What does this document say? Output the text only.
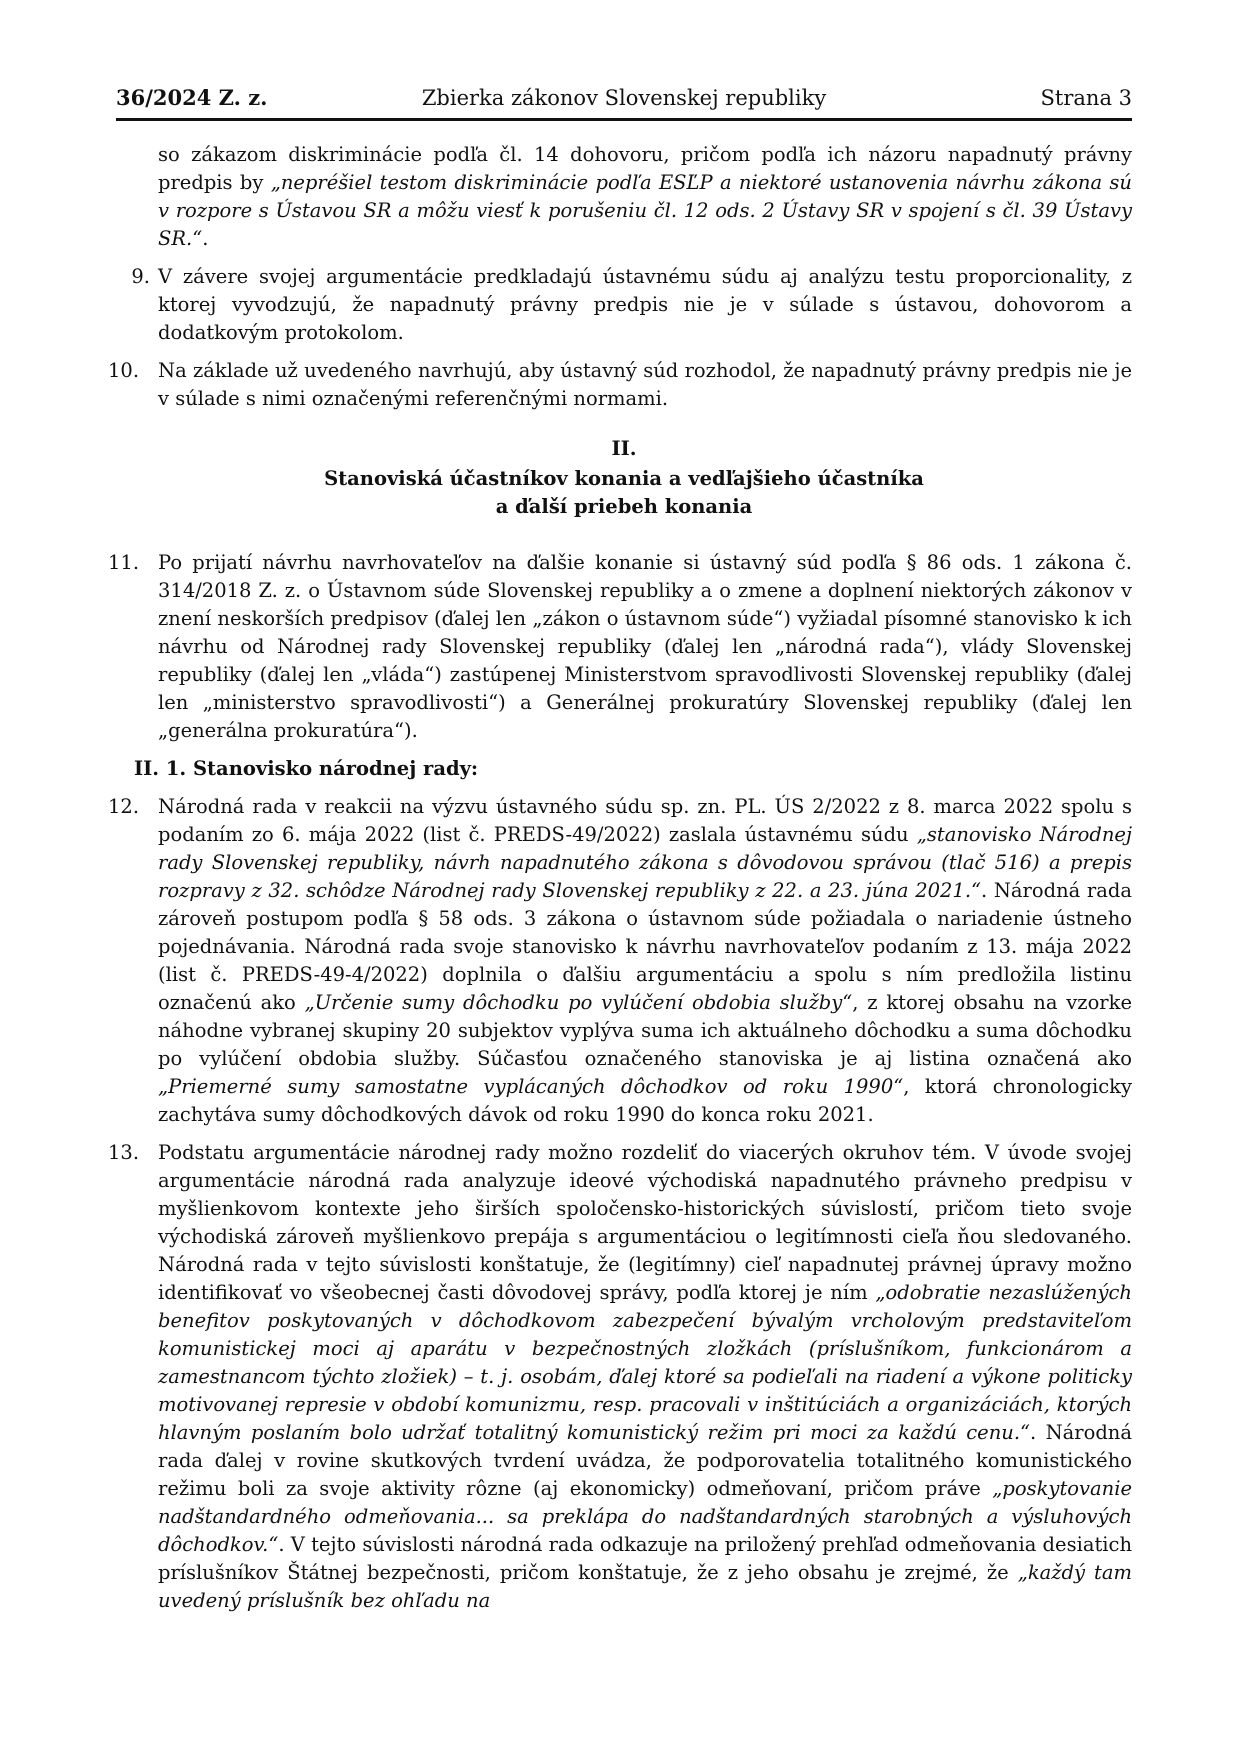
36/2024 Z. z.	Zbierka zákonov Slovenskej republiky	Strana 3

so zákazom diskriminácie podľa čl. 14 dohovoru, pričom podľa ich názoru napadnutý právny predpis by „nepréšiel testom diskriminácie podľa ESĽP a niektoré ustanovenia návrhu zákona sú v rozpore s Ústavou SR a môžu viesť k porušeniu čl. 12 ods. 2 Ústavy SR v spojení s čl. 39 Ústavy SR.“.

9. V závere svojej argumentácie predkladajú ústavnému súdu aj analýzu testu proporcionality, z ktorej vyvodzujú, že napadnutý právny predpis nie je v súlade s ústavou, dohovorom a dodatkovým protokolom.

10. Na základe už uvedeného navrhujú, aby ústavný súd rozhodol, že napadnutý právny predpis nie je v súlade s nimi označenými referenčnými normami.

II.

Stanoviská účastníkov konania a vedľajšieho účastníka

a ďalší priebeh konania

11. Po prijatí návrhu navrhovateľov na ďalšie konanie si ústavný súd podľa § 86 ods. 1 zákona č. 314/2018 Z. z. o Ústavnom súde Slovenskej republiky a o zmene a doplnení niektorých zákonov v znení neskorších predpisov (ďalej len „zákon o ústavnom súde“) vyžiadal písomné stanovisko k ich návrhu od Národnej rady Slovenskej republiky (ďalej len „národná rada“), vlády Slovenskej republiky (ďalej len „vláda“) zastúpenej Ministerstvom spravodlivosti Slovenskej republiky (ďalej len „ministerstvo spravodlivosti“) a Generálnej prokuratúry Slovenskej republiky (ďalej len „generálna prokuratúra“).

II. 1. Stanovisko národnej rady:

12. Národná rada v reakcii na výzvu ústavného súdu sp. zn. PL. ÚS 2/2022 z 8. marca 2022 spolu s podaním zo 6. mája 2022 (list č. PREDS-49/2022) zaslala ústavnému súdu „stanovisko Národnej rady Slovenskej republiky, návrh napadnutého zákona s dôvodovou správou (tlač 516) a prepis rozpravy z 32. schôdze Národnej rady Slovenskej republiky z 22. a 23. júna 2021.“. Národná rada zároveň postupom podľa § 58 ods. 3 zákona o ústavnom súde požiadala o nariadenie ústneho pojednávania. Národná rada svoje stanovisko k návrhu navrhovateľov podaním z 13. mája 2022 (list č. PREDS-49-4/2022) doplnila o ďalšiu argumentáciu a spolu s ním predložila listinu označenú ako „Určenie sumy dôchodku po vylúčení obdobia služby“, z ktorej obsahu na vzorke náhodne vybranej skupiny 20 subjektov vyplýva suma ich aktuálneho dôchodku a suma dôchodku po vylúčení obdobia služby. Súčasťou označeného stanoviska je aj listina označená ako „Priemerné sumy samostatne vyplácaných dôchodkov od roku 1990“, ktorá chronologicky zachytáva sumy dôchodkových dávok od roku 1990 do konca roku 2021.

13. Podstatu argumentácie národnej rady možno rozdeliť do viacerých okruhov tém. V úvode svojej argumentácie národná rada analyzuje ideové východiská napadnutého právneho predpisu v myšlienkovom kontexte jeho širších spoločensko-historických súvislostí, pričom tieto svoje východiská zároveň myšlienkovo prepája s argumentáciou o legitímnosti cieľa ňou sledovaného. Národná rada v tejto súvislosti konštatuje, že (legitímny) cieľ napadnutej právnej úpravy možno identifikovať vo všeobecnej časti dôvodovej správy, podľa ktorej je ním „odobratie nezaslúžených benefitov poskytovaných v dôchodkovom zabezpečení bývalým vrcholovým predstaviteľom komunistickej moci aj aparátu v bezpečnostných zložkách (príslušníkom, funkcionárom a zamestnancom týchto zložiek) – t. j. osobám, ďalej ktoré sa podieľali na riadení a výkone politicky motivovanej represie v období komunizmu, resp. pracovali v inštitúciách a organizáciách, ktorých hlavným poslaním bolo udržať totalitný komunistický režim pri moci za každú cenu.“. Národná rada ďalej v rovine skutkových tvrdení uvádza, že podporovatelia totalitného komunistického režimu boli za svoje aktivity rôzne (aj ekonomicky) odmeňovaní, pričom práve „poskytovanie nadštandardného odmeňovania... sa preklápa do nadštandardných starobných a výsluhových dôchodkov.“. V tejto súvislosti národná rada odkazuje na priložený prehľad odmeňovania desiatich príslušníkov Štátnej bezpečnosti, pričom konštatuje, že z jeho obsahu je zrejmé, že „každý tam uvedený príslušník bez ohľadu na
